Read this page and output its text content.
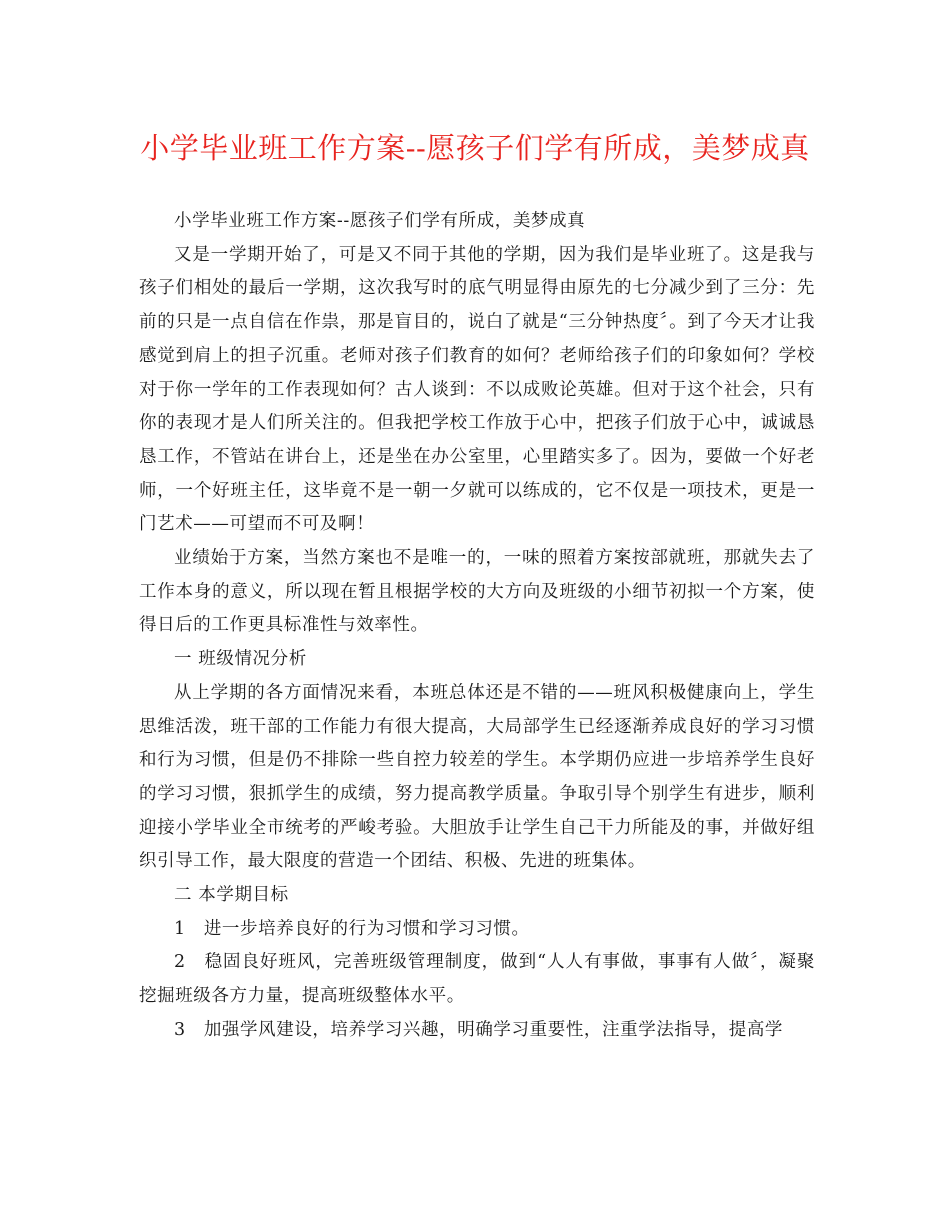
小学毕业班工作方案--愿孩子们学有所成，美梦成真

小学毕业班工作方案--愿孩子们学有所成，美梦成真

又是一学期开始了，可是又不同于其他的学期，因为我们是毕业班了。这是我与孩子们相处的最后一学期，这次我写时的底气明显得由原先的七分减少到了三分：先前的只是一点自信在作祟，那是盲目的，说白了就是“三分钟热度〞。到了今天才让我感觉到肩上的担子沉重。老师对孩子们教育的如何？老师给孩子们的印象如何？学校对于你一学年的工作表现如何？古人谈到：不以成败论英雄。但对于这个社会，只有你的表现才是人们所关注的。但我把学校工作放于心中，把孩子们放于心中，诚诚恳恳工作，不管站在讲台上，还是坐在办公室里，心里踏实多了。因为，要做一个好老师，一个好班主任，这毕竟不是一朝一夕就可以练成的，它不仅是一项技术，更是一门艺术——可望而不可及啊！

业绩始于方案，当然方案也不是唯一的，一味的照着方案按部就班，那就失去了工作本身的意义，所以现在暂且根据学校的大方向及班级的小细节初拟一个方案，使得日后的工作更具标准性与效率性。

一 班级情况分析

从上学期的各方面情况来看，本班总体还是不错的——班风积极健康向上，学生思维活泼，班干部的工作能力有很大提高，大局部学生已经逐渐养成良好的学习习惯和行为习惯，但是仍不排除一些自控力较差的学生。本学期仍应进一步培养学生良好的学习习惯，狠抓学生的成绩，努力提高教学质量。争取引导个别学生有进步，顺利迎接小学毕业全市统考的严峻考验。大胆放手让学生自己干力所能及的事，并做好组织引导工作，最大限度的营造一个团结、积极、先进的班集体。

二 本学期目标

1　进一步培养良好的行为习惯和学习习惯。

2　稳固良好班风，完善班级管理制度，做到“人人有事做，事事有人做〞，凝聚挖掘班级各方力量，提高班级整体水平。

3　加强学风建设，培养学习兴趣，明确学习重要性，注重学法指导，提高学
